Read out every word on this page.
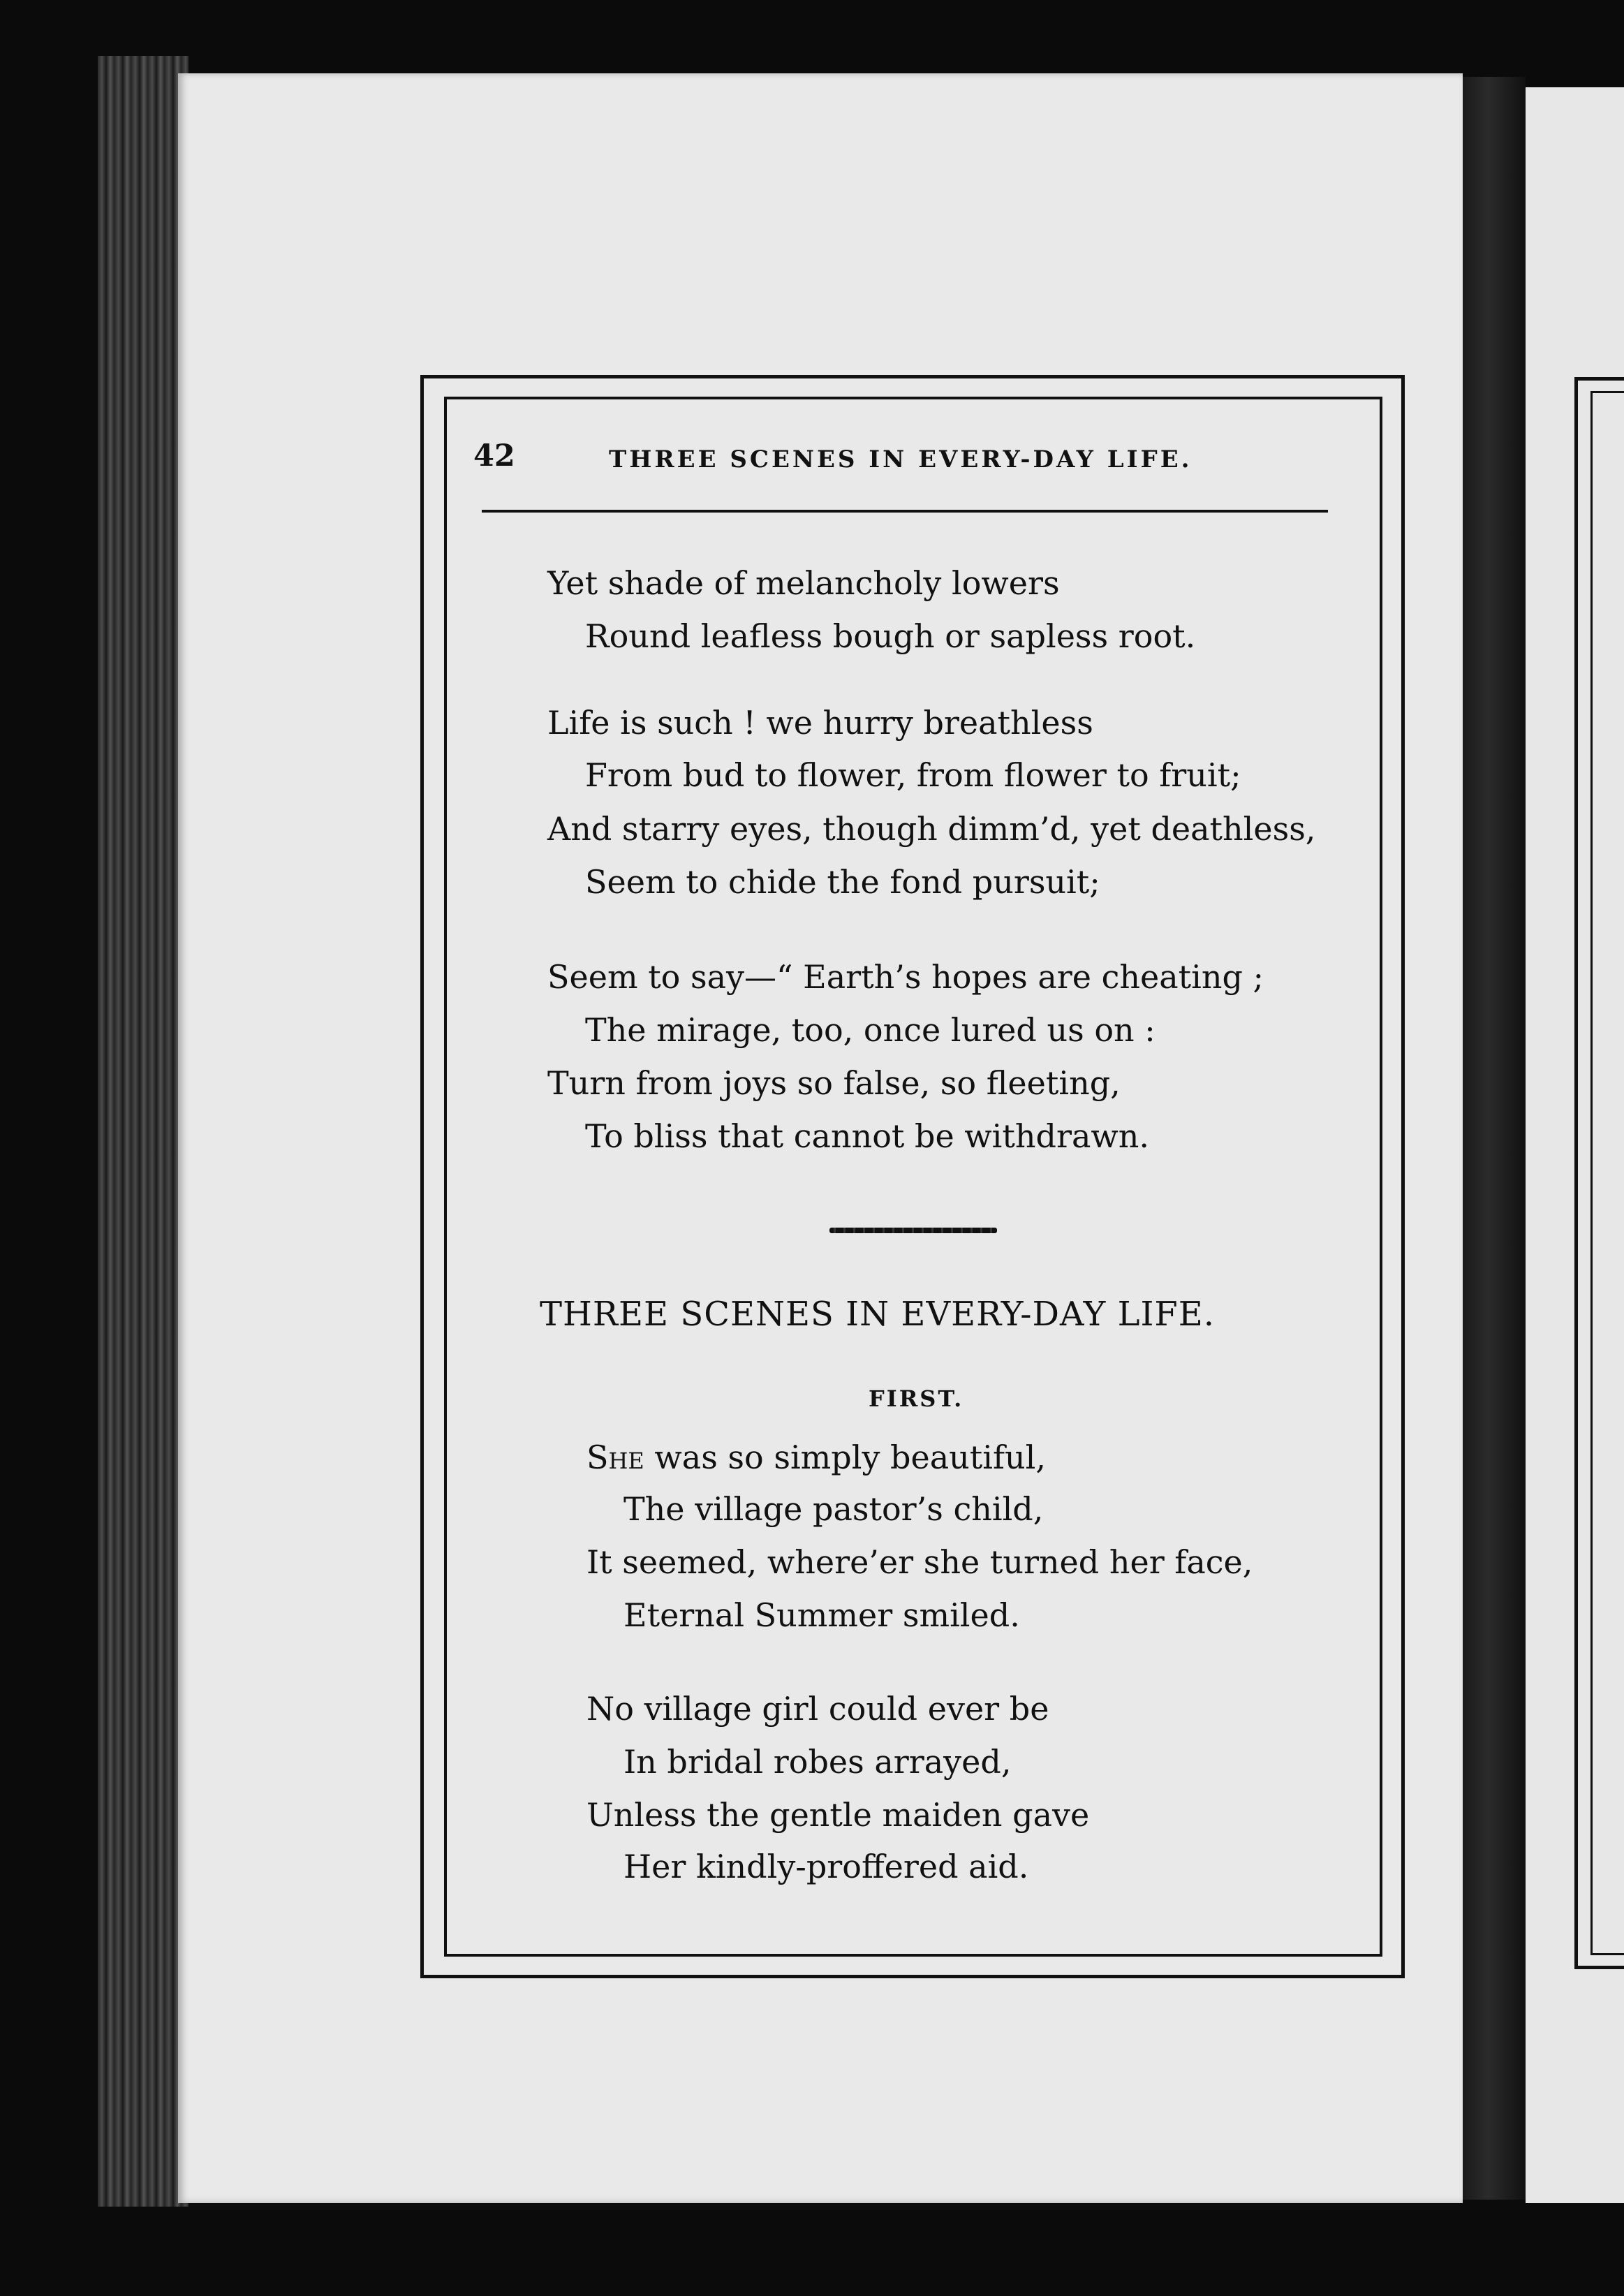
42	THREE SCENES IN EVERY-DAY LIFE.
Yet shade of melancholy lowers
Round leafless bough or sapless root.
Life is such ! we hurry breathless
From bud to flower, from flower to fruit;
And starry eyes, though dimm’d, yet deathless,
Seem to chide the fond pursuit;
Seem to say—“ Earth’s hopes are cheating ;
The mirage, too, once lured us on :
Turn from joys so false, so fleeting,
To bliss that cannot be withdrawn.
THREE SCENES IN EVERY-DAY LIFE.
FIRST.
She was so simply beautiful,
The village pastor’s child,
It seemed, where’er she turned her face,
Eternal Summer smiled.
No village girl could ever be
In bridal robes arrayed,
Unless the gentle maiden gave
Her kindly-proffered aid.
